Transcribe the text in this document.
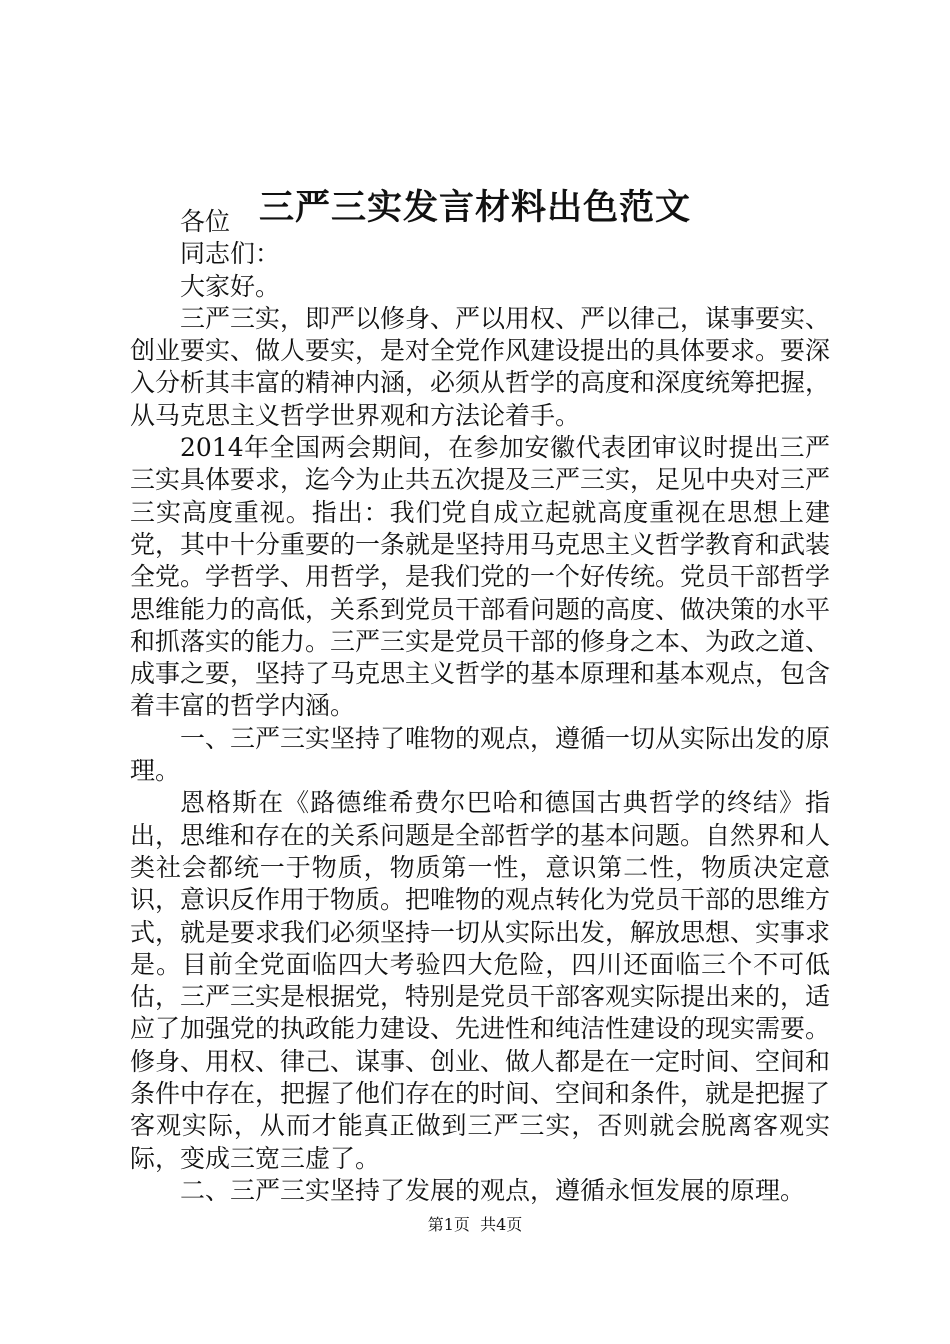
三严三实发言材料出色范文

各位

同志们：

大家好。

三严三实，即严以修身、严以用权、严以律己，谋事要实、创业要实、做人要实，是对全党作风建设提出的具体要求。要深入分析其丰富的精神内涵，必须从哲学的高度和深度统筹把握，从马克思主义哲学世界观和方法论着手。

2014年全国两会期间，在参加安徽代表团审议时提出三严三实具体要求，迄今为止共五次提及三严三实，足见中央对三严三实高度重视。指出：我们党自成立起就高度重视在思想上建党，其中十分重要的一条就是坚持用马克思主义哲学教育和武装全党。学哲学、用哲学，是我们党的一个好传统。党员干部哲学思维能力的高低，关系到党员干部看问题的高度、做决策的水平和抓落实的能力。三严三实是党员干部的修身之本、为政之道、成事之要，坚持了马克思主义哲学的基本原理和基本观点，包含着丰富的哲学内涵。

一、三严三实坚持了唯物的观点，遵循一切从实际出发的原理。

恩格斯在《路德维希费尔巴哈和德国古典哲学的终结》指出，思维和存在的关系问题是全部哲学的基本问题。自然界和人类社会都统一于物质，物质第一性，意识第二性，物质决定意识，意识反作用于物质。把唯物的观点转化为党员干部的思维方式，就是要求我们必须坚持一切从实际出发，解放思想、实事求是。目前全党面临四大考验四大危险，四川还面临三个不可低估，三严三实是根据党，特别是党员干部客观实际提出来的，适应了加强党的执政能力建设、先进性和纯洁性建设的现实需要。修身、用权、律己、谋事、创业、做人都是在一定时间、空间和条件中存在，把握了他们存在的时间、空间和条件，就是把握了客观实际，从而才能真正做到三严三实，否则就会脱离客观实际，变成三宽三虚了。

二、三严三实坚持了发展的观点，遵循永恒发展的原理。

第1页 共4页
